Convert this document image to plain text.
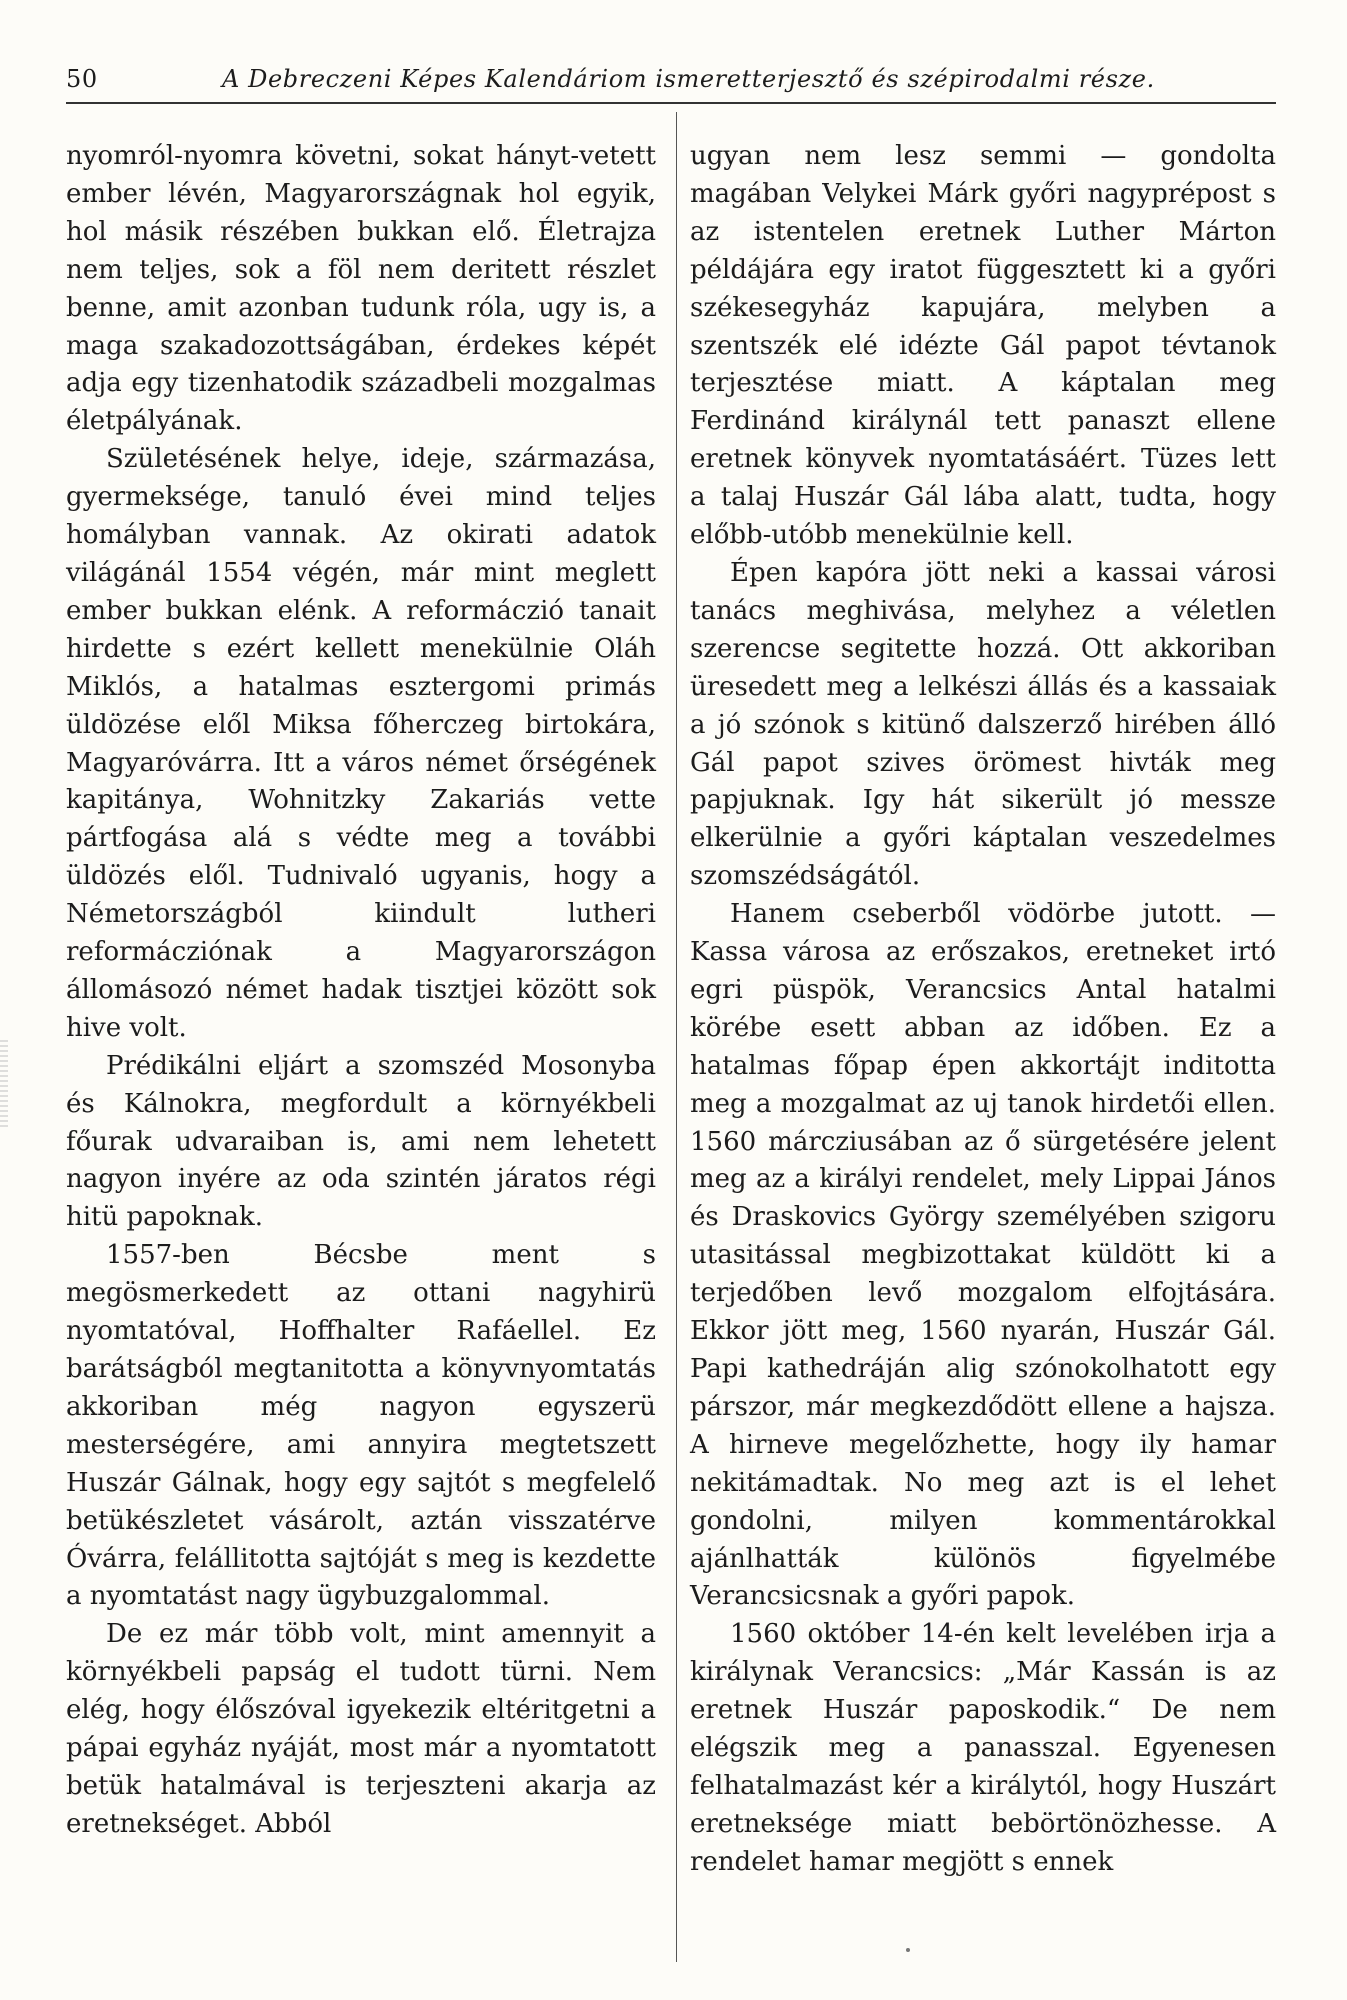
50	A Debreczeni Képes Kalendáriom ismeretterjesztő és szépirodalmi része.

nyomról-nyomra követni, sokat hányt-vetett ember lévén, Magyarországnak hol egyik, hol másik részében bukkan elő. Életrajza nem teljes, sok a föl nem deritett részlet benne, amit azonban tudunk róla, ugy is, a maga szakadozottságában, érdekes képét adja egy tizenhatodik századbeli mozgalmas életpályának.

Születésének helye, ideje, származása, gyermeksége, tanuló évei mind teljes homályban vannak. Az okirati adatok világánál 1554 végén, már mint meglett ember bukkan elénk. A reformáczió tanait hirdette s ezért kellett menekülnie Oláh Miklós, a hatalmas esztergomi primás üldözése elől Miksa főherczeg birtokára, Magyaróvárra. Itt a város német őrségének kapitánya, Wohnitzky Zakariás vette pártfogása alá s védte meg a további üldözés elől. Tudnivaló ugyanis, hogy a Németországból kiindult lutheri reformácziónak a Magyarországon állomásozó német hadak tisztjei között sok hive volt.

Prédikálni eljárt a szomszéd Mosonyba és Kálnokra, megfordult a környékbeli főurak udvaraiban is, ami nem lehetett nagyon inyére az oda szintén járatos régi hitü papoknak.

1557-ben Bécsbe ment s megösmerkedett az ottani nagyhirü nyomtatóval, Hoffhalter Rafáellel. Ez barátságból megtanitotta a könyvnyomtatás akkoriban még nagyon egyszerü mesterségére, ami annyira megtetszett Huszár Gálnak, hogy egy sajtót s megfelelő betükészletet vásárolt, aztán visszatérve Óvárra, felállitotta sajtóját s meg is kezdette a nyomtatást nagy ügybuzgalommal.

De ez már több volt, mint amennyit a környékbeli papság el tudott türni. Nem elég, hogy élőszóval igyekezik eltéritgetni a pápai egyház nyáját, most már a nyomtatott betük hatalmával is terjeszteni akarja az eretnekséget. Abból

ugyan nem lesz semmi — gondolta magában Velykei Márk győri nagyprépost s az istentelen eretnek Luther Márton példájára egy iratot függesztett ki a győri székesegyház kapujára, melyben a szentszék elé idézte Gál papot tévtanok terjesztése miatt. A káptalan meg Ferdinánd királynál tett panaszt ellene eretnek könyvek nyomtatásáért. Tüzes lett a talaj Huszár Gál lába alatt, tudta, hogy előbb-utóbb menekülnie kell.

Épen kapóra jött neki a kassai városi tanács meghivása, melyhez a véletlen szerencse segitette hozzá. Ott akkoriban üresedett meg a lelkészi állás és a kassaiak a jó szónok s kitünő dalszerző hirében álló Gál papot szives örömest hivták meg papjuknak. Igy hát sikerült jó messze elkerülnie a győri káptalan veszedelmes szomszédságától.

Hanem cseberből vödörbe jutott. — Kassa városa az erőszakos, eretneket irtó egri püspök, Verancsics Antal hatalmi körébe esett abban az időben. Ez a hatalmas főpap épen akkortájt inditotta meg a mozgalmat az uj tanok hirdetői ellen. 1560 márcziusában az ő sürgetésére jelent meg az a királyi rendelet, mely Lippai János és Draskovics György személyében szigoru utasitással megbizottakat küldött ki a terjedőben levő mozgalom elfojtására. Ekkor jött meg, 1560 nyarán, Huszár Gál. Papi kathedráján alig szónokolhatott egy párszor, már megkezdődött ellene a hajsza. A hirneve megelőzhette, hogy ily hamar nekitámadtak. No meg azt is el lehet gondolni, milyen kommentárokkal ajánlhatták különös figyelmébe Verancsicsnak a győri papok.

1560 október 14-én kelt levelében irja a királynak Verancsics: „Már Kassán is az eretnek Huszár paposkodik.“ De nem elégszik meg a panasszal. Egyenesen felhatalmazást kér a királytól, hogy Huszárt eretneksége miatt bebörtönözhesse. A rendelet hamar megjött s ennek
